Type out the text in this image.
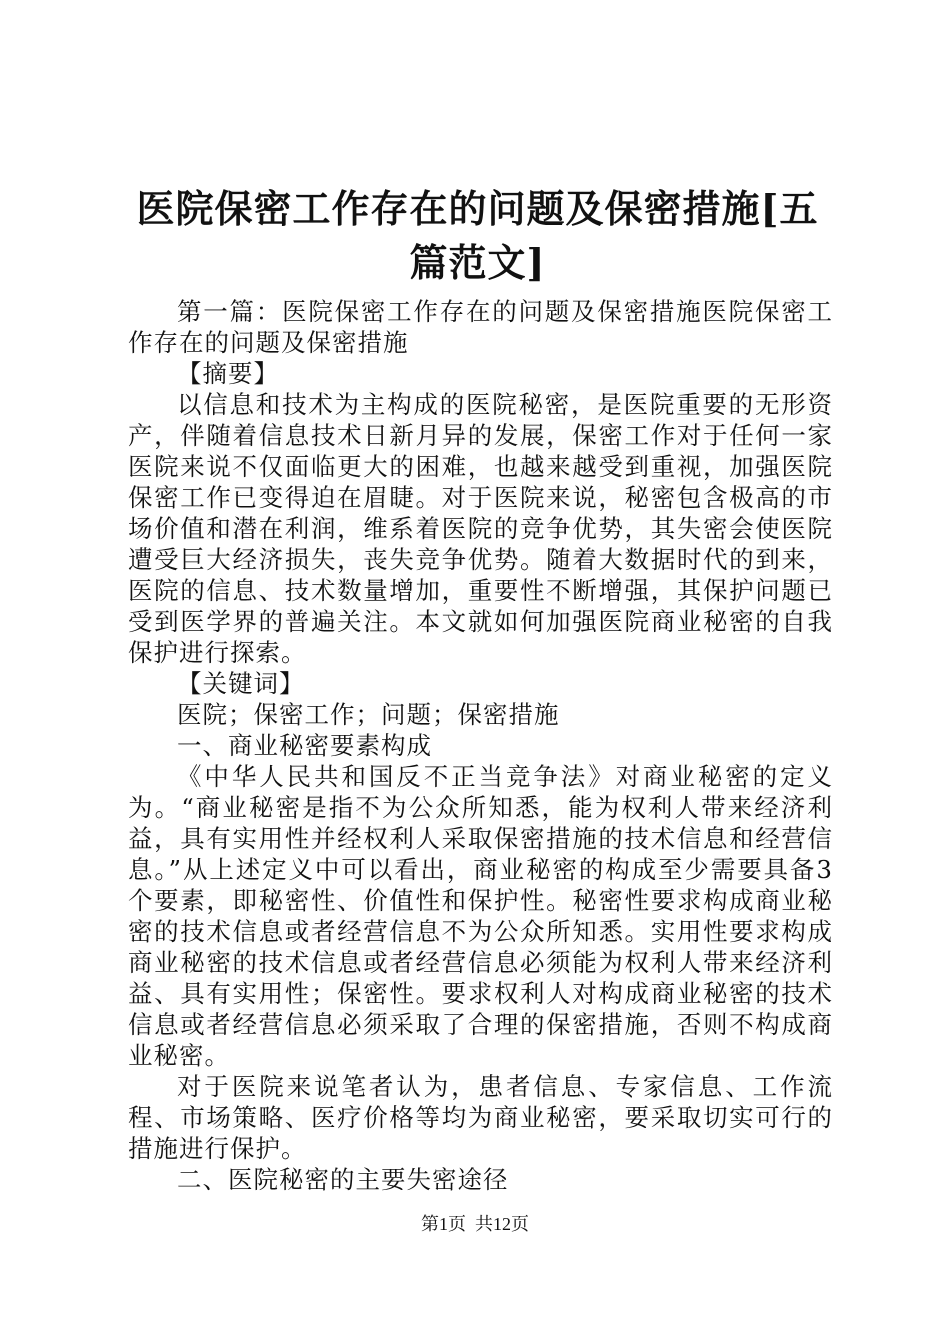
医院保密工作存在的问题及保密措施[五篇范文]

第一篇：医院保密工作存在的问题及保密措施医院保密工作存在的问题及保密措施

【摘要】

以信息和技术为主构成的医院秘密，是医院重要的无形资产，伴随着信息技术日新月异的发展，保密工作对于任何一家医院来说不仅面临更大的困难，也越来越受到重视，加强医院保密工作已变得迫在眉睫。对于医院来说，秘密包含极高的市场价值和潜在利润，维系着医院的竞争优势，其失密会使医院遭受巨大经济损失，丧失竞争优势。随着大数据时代的到来，医院的信息、技术数量增加，重要性不断增强，其保护问题已受到医学界的普遍关注。本文就如何加强医院商业秘密的自我保护进行探索。

【关键词】

医院；保密工作；问题；保密措施

一、商业秘密要素构成

《中华人民共和国反不正当竞争法》对商业秘密的定义为。“商业秘密是指不为公众所知悉，能为权利人带来经济利益，具有实用性并经权利人采取保密措施的技术信息和经营信息。”从上述定义中可以看出，商业秘密的构成至少需要具备3个要素，即秘密性、价值性和保护性。秘密性要求构成商业秘密的技术信息或者经营信息不为公众所知悉。实用性要求构成商业秘密的技术信息或者经营信息必须能为权利人带来经济利益、具有实用性；保密性。要求权利人对构成商业秘密的技术信息或者经营信息必须采取了合理的保密措施，否则不构成商业秘密。

对于医院来说笔者认为，患者信息、专家信息、工作流程、市场策略、医疗价格等均为商业秘密，要采取切实可行的措施进行保护。

二、医院秘密的主要失密途径

第1页  共12页
